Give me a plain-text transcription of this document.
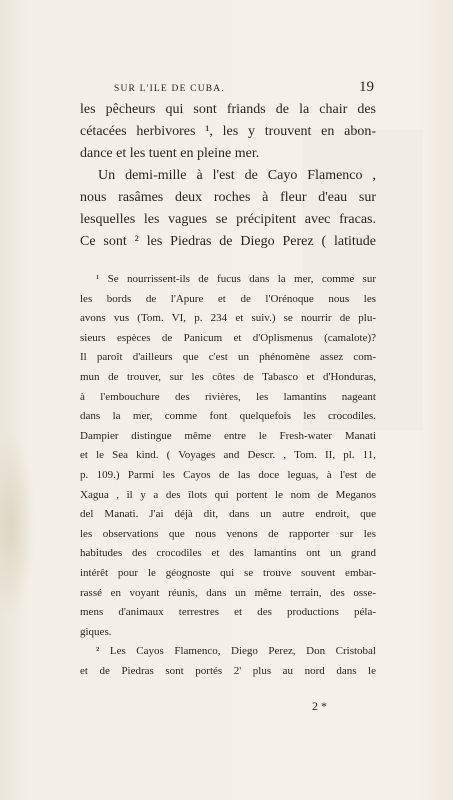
SUR L'ILE DE CUBA.	19
les pêcheurs qui sont friands de la chair des
cétacées herbivores ¹, les y trouvent en abon-
dance et les tuent en pleine mer.
Un demi-mille à l'est de Cayo Flamenco ,
nous rasâmes deux roches à fleur d'eau sur
lesquelles les vagues se précipitent avec fracas.
Ce sont ² les Piedras de Diego Perez ( latitude
¹ Se nourrissent-ils de fucus dans la mer, comme sur
les bords de l'Apure et de l'Orénoque nous les
avons vus (Tom. VI, p. 234 et suiv.) se nourrir de plu-
sieurs espèces de Panicum et d'Oplismenus (camalote)?
Il paroît d'ailleurs que c'est un phénomène assez com-
mun de trouver, sur les côtes de Tabasco et d'Honduras,
à l'embouchure des rivières, les lamantins nageant
dans la mer, comme font quelquefois les crocodiles.
Dampier distingue même entre le Fresh-water Manati
et le Sea kind. ( Voyages and Descr. , Tom. II, pl. 11,
p. 109.) Parmi les Cayos de las doce leguas, à l'est de
Xagua , il y a des îlots qui portent le nom de Meganos
del Manati. J'ai déjà dit, dans un autre endroit, que
les observations que nous venons de rapporter sur les
habitudes des crocodiles et des lamantins ont un grand
intérêt pour le géognoste qui se trouve souvent embar-
rassé en voyant réunis, dans un même terrain, des osse-
mens d'animaux terrestres et des productions péla-
giques.
² Les Cayos Flamenco, Diego Perez, Don Cristobal
et de Piedras sont portés 2' plus au nord dans le
2 *
